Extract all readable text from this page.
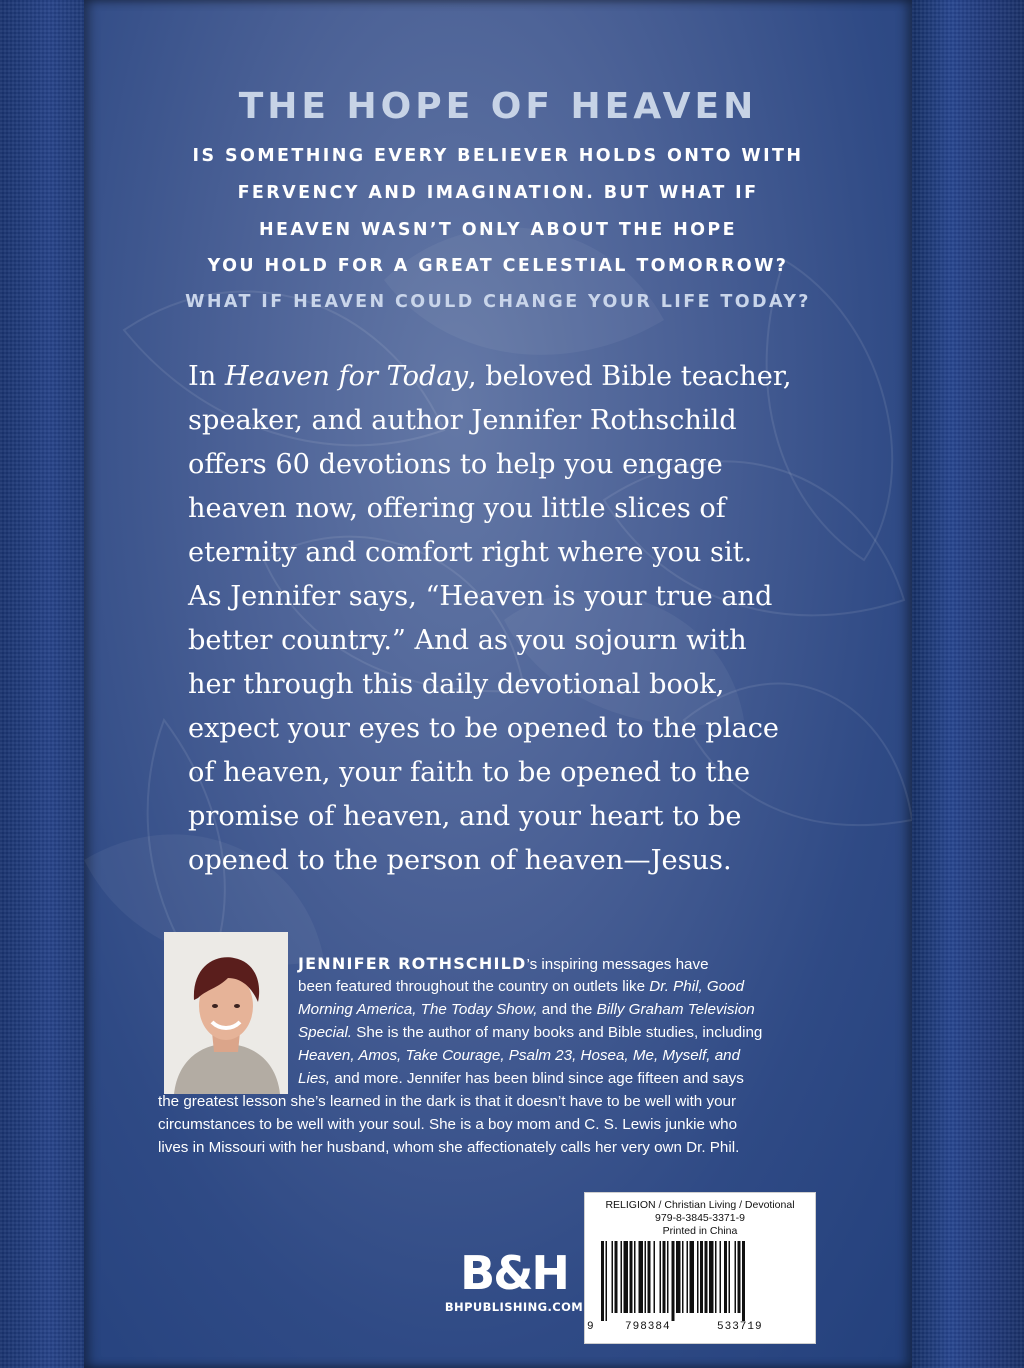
THE HOPE OF HEAVEN
IS SOMETHING EVERY BELIEVER HOLDS ONTO WITH
FERVENCY AND IMAGINATION. BUT WHAT IF
HEAVEN WASN’T ONLY ABOUT THE HOPE
YOU HOLD FOR A GREAT CELESTIAL TOMORROW?
WHAT IF HEAVEN COULD CHANGE YOUR LIFE TODAY?
In Heaven for Today, beloved Bible teacher,
speaker, and author Jennifer Rothschild
offers 60 devotions to help you engage
heaven now, offering you little slices of
eternity and comfort right where you sit.
As Jennifer says, “Heaven is your true and
better country.” And as you sojourn with
her through this daily devotional book,
expect your eyes to be opened to the place
of heaven, your faith to be opened to the
promise of heaven, and your heart to be
opened to the person of heaven—Jesus.
JENNIFER ROTHSCHILD’s inspiring messages have
been featured throughout the country on outlets like Dr. Phil, Good
Morning America, The Today Show, and the Billy Graham Television
Special. She is the author of many books and Bible studies, including
Heaven, Amos, Take Courage, Psalm 23, Hosea, Me, Myself, and
Lies, and more. Jennifer has been blind since age fifteen and says
the greatest lesson she’s learned in the dark is that it doesn’t have to be well with your
circumstances to be well with your soul. She is a boy mom and C. S. Lewis junkie who
lives in Missouri with her husband, whom she affectionately calls her very own Dr. Phil.
B&H
BHPUBLISHING.COM
RELIGION / Christian Living / Devotional
979-8-3845-3371-9
Printed in China
9	798384	533719
